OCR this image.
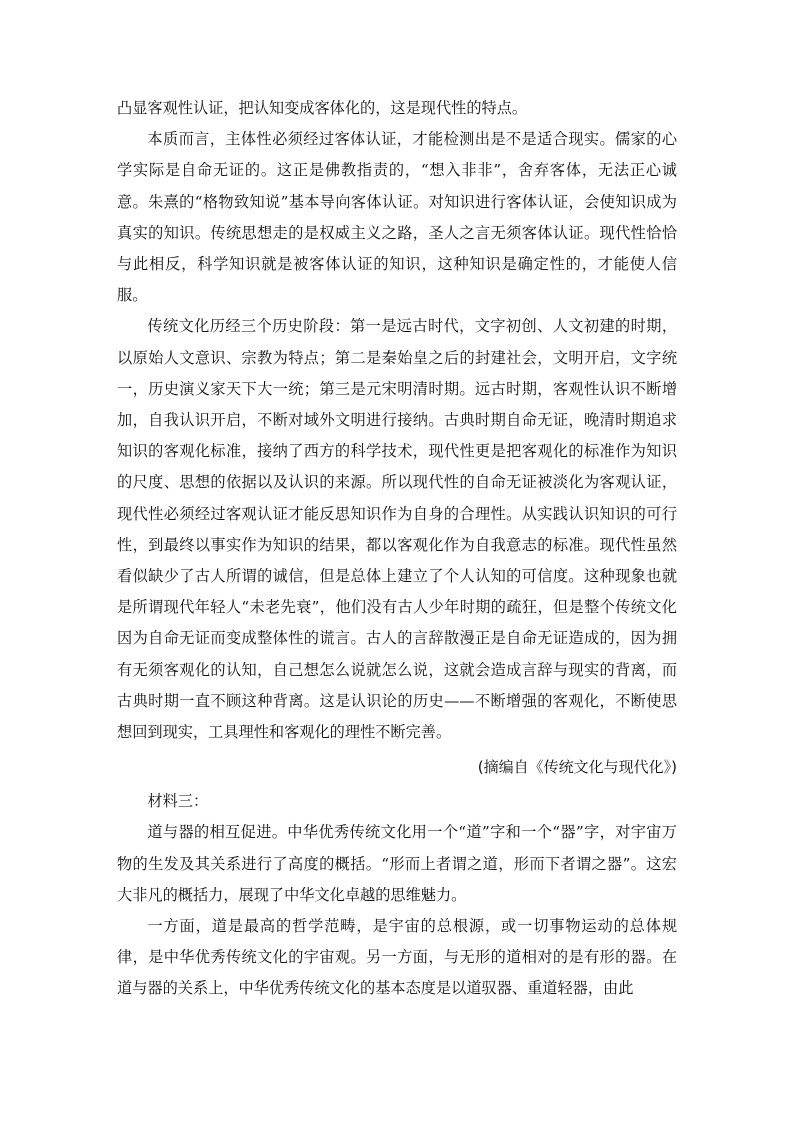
凸显客观性认证，把认知变成客体化的，这是现代性的特点。

本质而言，主体性必须经过客体认证，才能检测出是不是适合现实。儒家的心学实际是自命无证的。这正是佛教指责的，“想入非非”，舍弃客体，无法正心诚意。朱熹的“格物致知说”基本导向客体认证。对知识进行客体认证，会使知识成为真实的知识。传统思想走的是权威主义之路，圣人之言无须客体认证。现代性恰恰与此相反，科学知识就是被客体认证的知识，这种知识是确定性的，才能使人信服。

传统文化历经三个历史阶段：第一是远古时代，文字初创、人文初建的时期，以原始人文意识、宗教为特点；第二是秦始皇之后的封建社会，文明开启，文字统一，历史演义家天下大一统；第三是元宋明清时期。远古时期，客观性认识不断增加，自我认识开启，不断对域外文明进行接纳。古典时期自命无证，晚清时期追求知识的客观化标准，接纳了西方的科学技术，现代性更是把客观化的标准作为知识的尺度、思想的依据以及认识的来源。所以现代性的自命无证被淡化为客观认证，现代性必须经过客观认证才能反思知识作为自身的合理性。从实践认识知识的可行性，到最终以事实作为知识的结果，都以客观化作为自我意志的标准。现代性虽然看似缺少了古人所谓的诚信，但是总体上建立了个人认知的可信度。这种现象也就是所谓现代年轻人“未老先衰”，他们没有古人少年时期的疏狂，但是整个传统文化因为自命无证而变成整体性的谎言。古人的言辞散漫正是自命无证造成的，因为拥有无须客观化的认知，自己想怎么说就怎么说，这就会造成言辞与现实的背离，而古典时期一直不顾这种背离。这是认识论的历史——不断增强的客观化，不断使思想回到现实，工具理性和客观化的理性不断完善。

(摘编自《传统文化与现代化》)

材料三：

道与器的相互促进。中华优秀传统文化用一个“道”字和一个“器”字，对宇宙万物的生发及其关系进行了高度的概括。“形而上者谓之道，形而下者谓之器”。这宏大非凡的概括力，展现了中华文化卓越的思维魅力。

一方面，道是最高的哲学范畴，是宇宙的总根源，或一切事物运动的总体规律，是中华优秀传统文化的宇宙观。另一方面，与无形的道相对的是有形的器。在道与器的关系上，中华优秀传统文化的基本态度是以道驭器、重道轻器，由此
